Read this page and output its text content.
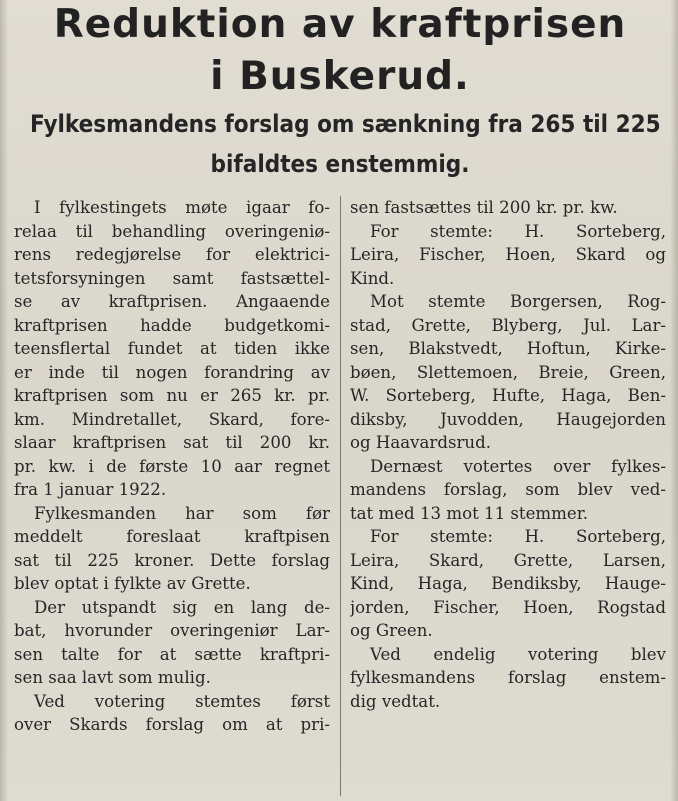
Reduktion av kraftprisen
i Buskerud.
Fylkesmandens forslag om sænkning fra 265 til 225
bifaldtes enstemmig.
I fylkestingets møte igaar fo-
relaa til behandling overingeniø-
rens redegjørelse for elektrici-
tetsforsyningen samt fastsættel-
se av kraftprisen. Angaaende
kraftprisen hadde budgetkomi-
teensflertal fundet at tiden ikke
er inde til nogen forandring av
kraftprisen som nu er 265 kr. pr.
km. Mindretallet, Skard, fore-
slaar kraftprisen sat til 200 kr.
pr. kw. i de første 10 aar regnet
fra 1 januar 1922.
Fylkesmanden har som før
meddelt foreslaat kraftpisen
sat til 225 kroner. Dette forslag
blev optat i fylkte av Grette.
Der utspandt sig en lang de-
bat, hvorunder overingeniør Lar-
sen talte for at sætte kraftpri-
sen saa lavt som mulig.
Ved votering stemtes først
over Skards forslag om at pri-
sen fastsættes til 200 kr. pr. kw.
For stemte: H. Sorteberg,
Leira, Fischer, Hoen, Skard og
Kind.
Mot stemte Borgersen, Rog-
stad, Grette, Blyberg, Jul. Lar-
sen, Blakstvedt, Hoftun, Kirke-
bøen, Slettemoen, Breie, Green,
W. Sorteberg, Hufte, Haga, Ben-
diksby, Juvodden, Haugejorden
og Haavardsrud.
Dernæst votertes over fylkes-
mandens forslag, som blev ved-
tat med 13 mot 11 stemmer.
For stemte: H. Sorteberg,
Leira, Skard, Grette, Larsen,
Kind, Haga, Bendiksby, Hauge-
jorden, Fischer, Hoen, Rogstad
og Green.
Ved endelig votering blev
fylkesmandens forslag enstem-
dig vedtat.
